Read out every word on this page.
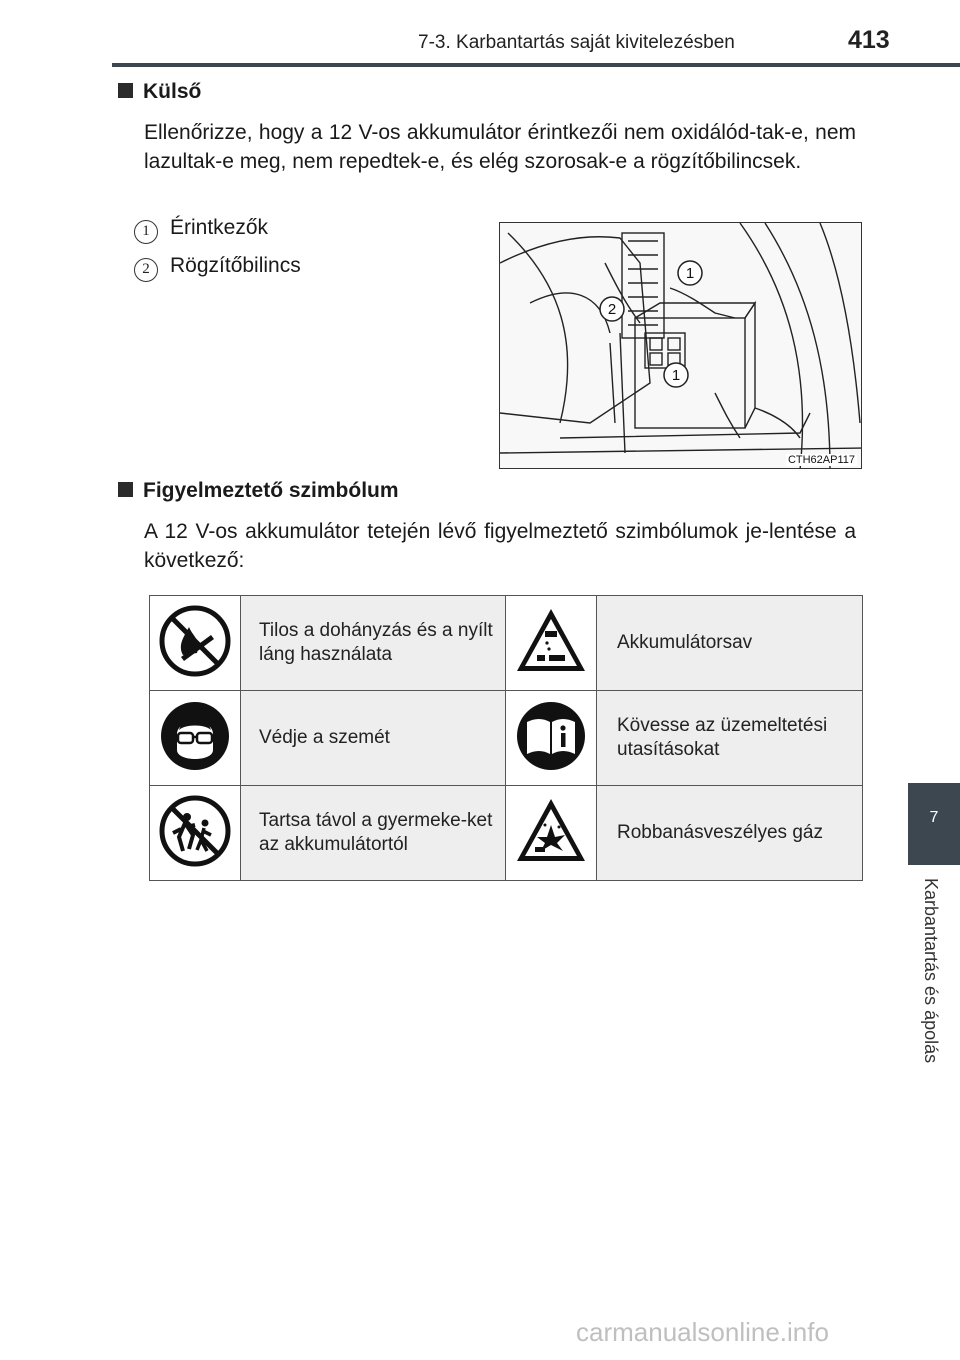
7-3. Karbantartás saját kivitelezésben	413
7
Karbantartás és ápolás
Külső
Ellenőrizze, hogy a 12 V-os akkumulátor érintkezői nem oxidálód-tak-e, nem lazultak-e meg, nem repedtek-e, és elég szorosak-e a rögzítőbilincsek.
1 Érintkezők
2 Rögzítőbilincs	1
2
1
CTH62AP117
Figyelmeztető szimbólum
A 12 V-os akkumulátor tetején lévő figyelmeztető szimbólumok je-lentése a következő:
	Tilos a dohányzás és a nyílt láng használata		Akkumulátorsav
	Védje a szemét		Kövesse az üzemeltetési utasításokat
	Tartsa távol a gyermeke-ket az akkumulátortól		Robbanásveszélyes gáz
carmanualsonline.info
